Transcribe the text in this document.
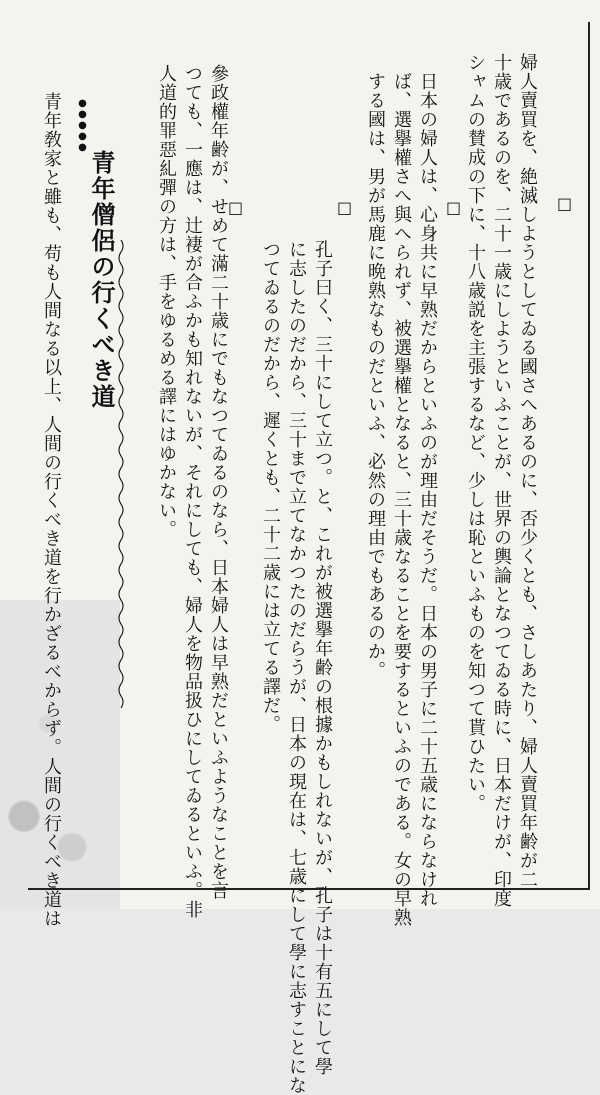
□
□
□
□	婦人賣買を、絶滅しようとしてゐる國さへあるのに、否少くとも、さしあたり、婦人賣買年齢が二
十歳であるのを、二十一歳にしようといふことが、世界の輿論となつてゐる時に、日本だけが、印度
シャムの賛成の下に、十八歳説を主張するなど、少しは恥といふものを知つて貰ひたい。
日本の婦人は、心身共に早熟だからといふのが理由だそうだ。日本の男子に二十五歳にならなけれ
ば、選擧權さへ與へられず、被選擧權となると、三十歳なることを要するといふのである。女の早熟
する國は、男が馬鹿に晩熟なものだといふ、必然の理由でもあるのか。
孔子曰く、三十にして立つ。と、これが被選擧年齢の根據かもしれないが、孔子は十有五にして學
に志したのだから、三十まで立てなかつたのだらうが、日本の現在は、七歳にして學に志すことにな
つてゐるのだから、遲くとも、二十二歳には立てる譯だ。
參政權年齢が、せめて滿二十歳にでもなつてゐるのなら、日本婦人は早熟だといふようなことを言
つても、一應は、辻褄が合ふかも知れないが、それにしても、婦人を物品扱ひにしてゐるといふ。非
人道的罪惡糺彈の方は、手をゆるめる譯にはゆかない。
青年僧侶の行くべき道
●●●●●
青年敎家と雖も、苟も人間なる以上、人間の行くべき道を行かざるべからず。人間の行くべき道は
